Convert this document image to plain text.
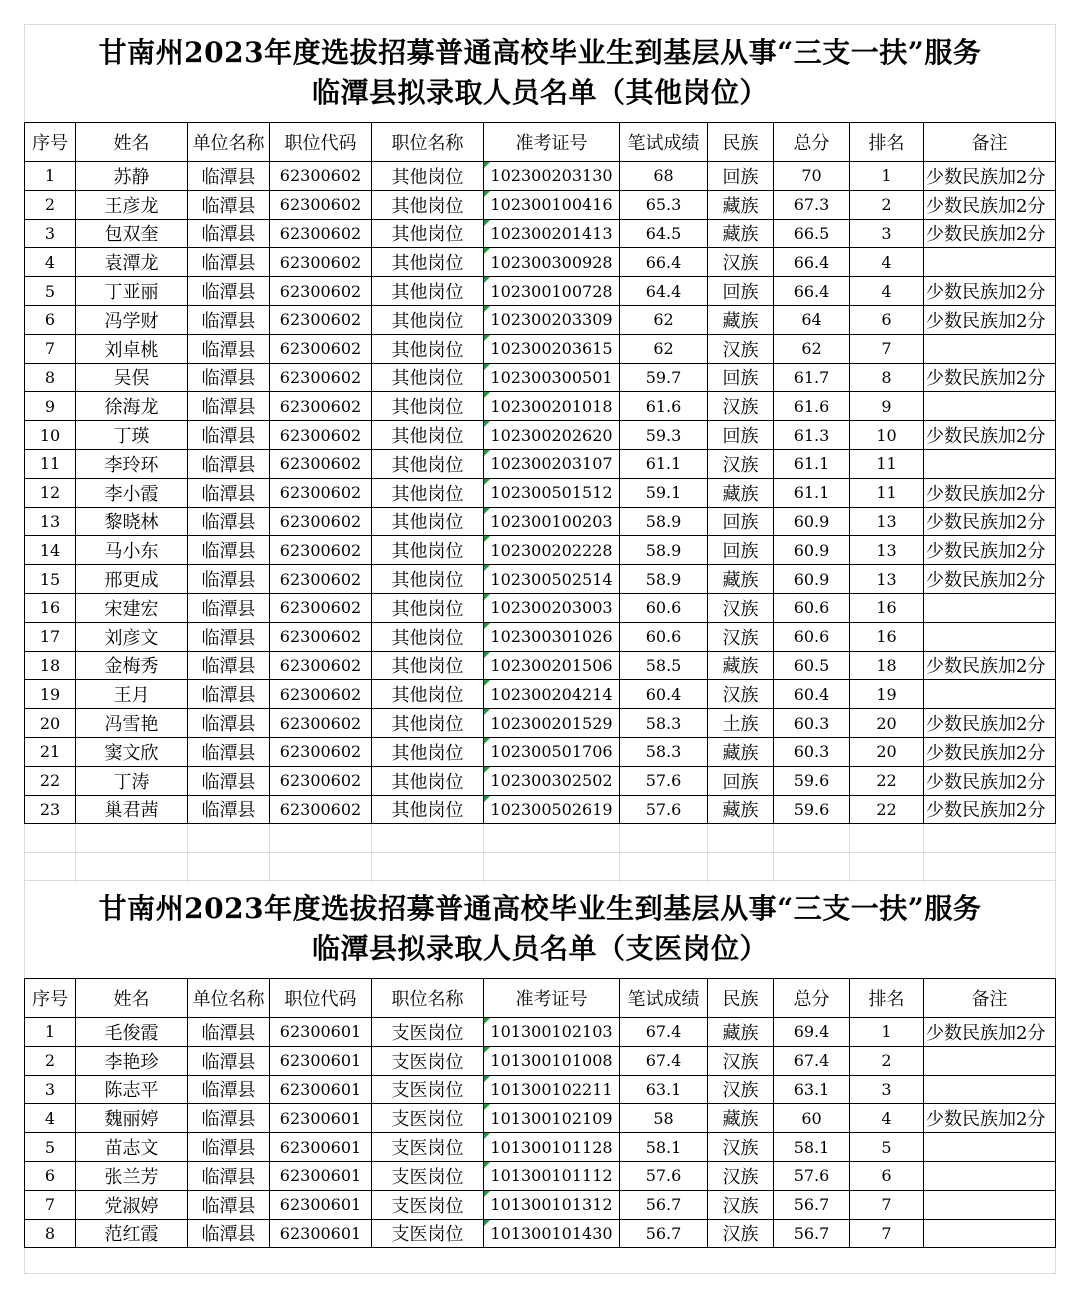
甘南州2023年度选拔招募普通高校毕业生到基层从事“三支一扶”服务
临潭县拟录取人员名单（其他岗位）
序号	姓名	单位名称	职位代码	职位名称	准考证号	笔试成绩	民族	总分	排名	备注
1	苏静	临潭县	62300602	其他岗位	102300203130	68	回族	70	1	少数民族加2分
2	王彦龙	临潭县	62300602	其他岗位	102300100416	65.3	藏族	67.3	2	少数民族加2分
3	包双奎	临潭县	62300602	其他岗位	102300201413	64.5	藏族	66.5	3	少数民族加2分
4	袁潭龙	临潭县	62300602	其他岗位	102300300928	66.4	汉族	66.4	4	
5	丁亚丽	临潭县	62300602	其他岗位	102300100728	64.4	回族	66.4	4	少数民族加2分
6	冯学财	临潭县	62300602	其他岗位	102300203309	62	藏族	64	6	少数民族加2分
7	刘卓桃	临潭县	62300602	其他岗位	102300203615	62	汉族	62	7	
8	吴俣	临潭县	62300602	其他岗位	102300300501	59.7	回族	61.7	8	少数民族加2分
9	徐海龙	临潭县	62300602	其他岗位	102300201018	61.6	汉族	61.6	9	
10	丁瑛	临潭县	62300602	其他岗位	102300202620	59.3	回族	61.3	10	少数民族加2分
11	李玲环	临潭县	62300602	其他岗位	102300203107	61.1	汉族	61.1	11	
12	李小霞	临潭县	62300602	其他岗位	102300501512	59.1	藏族	61.1	11	少数民族加2分
13	黎晓林	临潭县	62300602	其他岗位	102300100203	58.9	回族	60.9	13	少数民族加2分
14	马小东	临潭县	62300602	其他岗位	102300202228	58.9	回族	60.9	13	少数民族加2分
15	邢更成	临潭县	62300602	其他岗位	102300502514	58.9	藏族	60.9	13	少数民族加2分
16	宋建宏	临潭县	62300602	其他岗位	102300203003	60.6	汉族	60.6	16	
17	刘彦文	临潭县	62300602	其他岗位	102300301026	60.6	汉族	60.6	16	
18	金梅秀	临潭县	62300602	其他岗位	102300201506	58.5	藏族	60.5	18	少数民族加2分
19	王月	临潭县	62300602	其他岗位	102300204214	60.4	汉族	60.4	19	
20	冯雪艳	临潭县	62300602	其他岗位	102300201529	58.3	土族	60.3	20	少数民族加2分
21	窦文欣	临潭县	62300602	其他岗位	102300501706	58.3	藏族	60.3	20	少数民族加2分
22	丁涛	临潭县	62300602	其他岗位	102300302502	57.6	回族	59.6	22	少数民族加2分
23	巢君茜	临潭县	62300602	其他岗位	102300502619	57.6	藏族	59.6	22	少数民族加2分
甘南州2023年度选拔招募普通高校毕业生到基层从事“三支一扶”服务
临潭县拟录取人员名单（支医岗位）
序号	姓名	单位名称	职位代码	职位名称	准考证号	笔试成绩	民族	总分	排名	备注
1	毛俊霞	临潭县	62300601	支医岗位	101300102103	67.4	藏族	69.4	1	少数民族加2分
2	李艳珍	临潭县	62300601	支医岗位	101300101008	67.4	汉族	67.4	2	
3	陈志平	临潭县	62300601	支医岗位	101300102211	63.1	汉族	63.1	3	
4	魏丽婷	临潭县	62300601	支医岗位	101300102109	58	藏族	60	4	少数民族加2分
5	苗志文	临潭县	62300601	支医岗位	101300101128	58.1	汉族	58.1	5	
6	张兰芳	临潭县	62300601	支医岗位	101300101112	57.6	汉族	57.6	6	
7	党淑婷	临潭县	62300601	支医岗位	101300101312	56.7	汉族	56.7	7	
8	范红霞	临潭县	62300601	支医岗位	101300101430	56.7	汉族	56.7	7	
